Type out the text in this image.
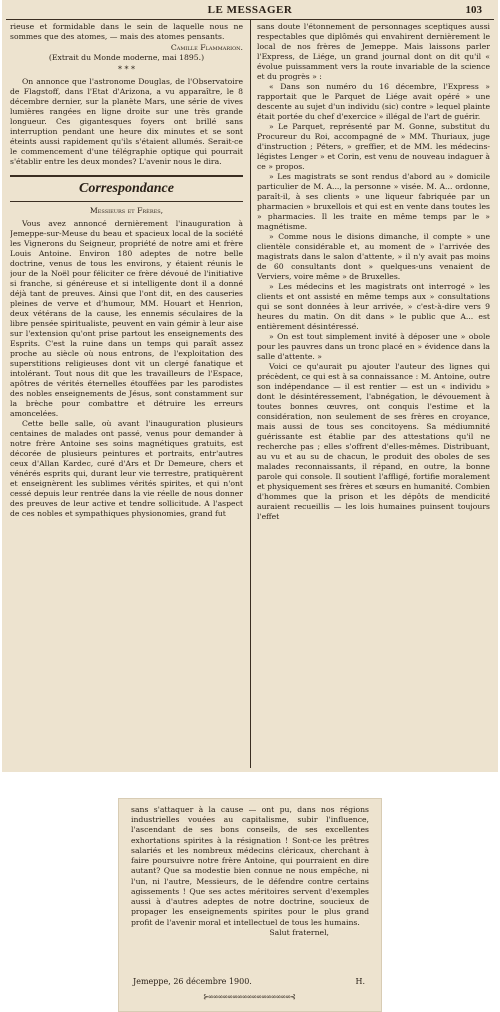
LE MESSAGER	103

rieuse et formidable dans le sein de laquelle nous ne sommes que des atomes, — mais des atomes pensants.

Camille Flammarion.

(Extrait du Monde moderne, mai 1895.)

* * *

On annonce que l'astronome Douglas, de l'Observatoire de Flagstoff, dans l'Etat d'Arizona, a vu apparaître, le 8 décembre dernier, sur la planète Mars, une série de vives lumières rangées en ligne droite sur une très grande longueur. Ces gigantesques foyers ont brillé sans interruption pendant une heure dix minutes et se sont éteints aussi rapidement qu'ils s'étaient allumés. Serait-ce le commencement d'une télégraphie optique qui pourrait s'établir entre les deux mondes? L'avenir nous le dira.

Correspondance

Messieurs et Frères,

Vous avez annoncé dernièrement l'inauguration à Jemeppe-sur-Meuse du beau et spacieux local de la société les Vignerons du Seigneur, propriété de notre ami et frère Louis Antoine. Environ 180 adeptes de notre belle doctrine, venus de tous les environs, y étaient réunis le jour de la Noël pour féliciter ce frère dévoué de l'initiative si franche, si généreuse et si intelligente dont il a donné déjà tant de preuves. Ainsi que l'ont dit, en des causeries pleines de verve et d'humour, MM. Houart et Henrion, deux vétérans de la cause, les ennemis séculaires de la libre pensée spiritualiste, peuvent en vain gémir à leur aise sur l'extension qu'ont prise partout les enseignements des Esprits. C'est la ruine dans un temps qui paraît assez proche au siècle où nous entrons, de l'exploitation des superstitions religieuses dont vit un clergé fanatique et intolérant. Tout nous dit que les travailleurs de l'Espace, apôtres de vérités éternelles étouffées par les parodistes des nobles enseignements de Jésus, sont constamment sur la brèche pour combattre et détruire les erreurs amoncelées.

Cette belle salle, où avant l'inauguration plusieurs centaines de malades ont passé, venus pour demander à notre frère Antoine ses soins magnétiques gratuits, est décorée de plusieurs peintures et portraits, entr'autres ceux d'Allan Kardec, curé d'Ars et Dr Demeure, chers et vénérés esprits qui, durant leur vie terrestre, pratiquèrent et enseignèrent les sublimes vérités spirites, et qui n'ont cessé depuis leur rentrée dans la vie réelle de nous donner des preuves de leur active et tendre sollicitude. A l'aspect de ces nobles et sympathiques physionomies, grand fut

sans doute l'étonnement de personnages sceptiques aussi respectables que diplômés qui envahirent dernièrement le local de nos frères de Jemeppe. Mais laissons parler l'Express, de Liége, un grand journal dont on dit qu'il « évolue puissamment vers la route invariable de la science et du progrès » :

« Dans son numéro du 16 décembre, l'Express » rapportait que le Parquet de Liége avait opéré » une descente au sujet d'un individu (sic) contre » lequel plainte était portée du chef d'exercice » illégal de l'art de guérir.

» Le Parquet, représenté par M. Gonne, substitut du Procureur du Roi, accompagné de » MM. Thuriaux, juge d'instruction ; Péters, » greffier, et de MM. les médecins-légistes Lenger » et Corin, est venu de nouveau indaguer à ce » propos.

» Les magistrats se sont rendus d'abord au » domicile particulier de M. A..., la personne » visée. M. A... ordonne, paraît-il, à ses clients » une liqueur fabriquée par un pharmacien » bruxellois et qui est en vente dans toutes les » pharmacies. Il les traite en même temps par le » magnétisme.

» Comme nous le disions dimanche, il compte » une clientèle considérable et, au moment de » l'arrivée des magistrats dans le salon d'attente, » il n'y avait pas moins de 60 consultants dont » quelques-uns venaient de Verviers, voire même » de Bruxelles.

» Les médecins et les magistrats ont interrogé » les clients et ont assisté en même temps aux » consultations qui se sont données à leur arrivée, » c'est-à-dire vers 9 heures du matin. On dit dans » le public que A... est entièrement désintéressé.

» On est tout simplement invité à déposer une » obole pour les pauvres dans un tronc placé en » évidence dans la salle d'attente. »

Voici ce qu'aurait pu ajouter l'auteur des lignes qui précèdent, ce qui est à sa connaissance : M. Antoine, outre son indépendance — il est rentier — est un « individu » dont le désintéressement, l'abnégation, le dévouement à toutes bonnes œuvres, ont conquis l'estime et la considération, non seulement de ses frères en croyance, mais aussi de tous ses concitoyens. Sa médiumnité guérissante est établie par des attestations qu'il ne recherche pas ; elles s'offrent d'elles-mêmes. Distribuant, au vu et au su de chacun, le produit des oboles de ses malades reconnaissants, il répand, en outre, la bonne parole qui console. Il soutient l'affligé, fortifie moralement et physiquement ses frères et sœurs en humanité. Combien d'hommes que la prison et les dépôts de mendicité auraient recueillis — les lois humaines puinsent toujours l'effet

sans s'attaquer à la cause — ont pu, dans nos régions industrielles vouées au capitalisme, subir l'influence, l'ascendant de ses bons conseils, de ses excellentes exhortations spirites à la résignation ! Sont-ce les prêtres salariés et les nombreux médecins cléricaux, cherchant à faire poursuivre notre frère Antoine, qui pourraient en dire autant? Que sa modestie bien connue ne nous empêche, ni l'un, ni l'autre, Messieurs, de le défendre contre certains agissements ! Que ses actes méritoires servent d'exemples aussi à d'autres adeptes de notre doctrine, soucieux de propager les enseignements spirites pour le plus grand profit de l'avenir moral et intellectuel de tous les humains.

Salut fraternel,

Jemeppe, 26 décembre 1900.	H.
⊱∞∞∞∞∞∞∞∞∞∞∞∞∞∞∞∞∞⊰
